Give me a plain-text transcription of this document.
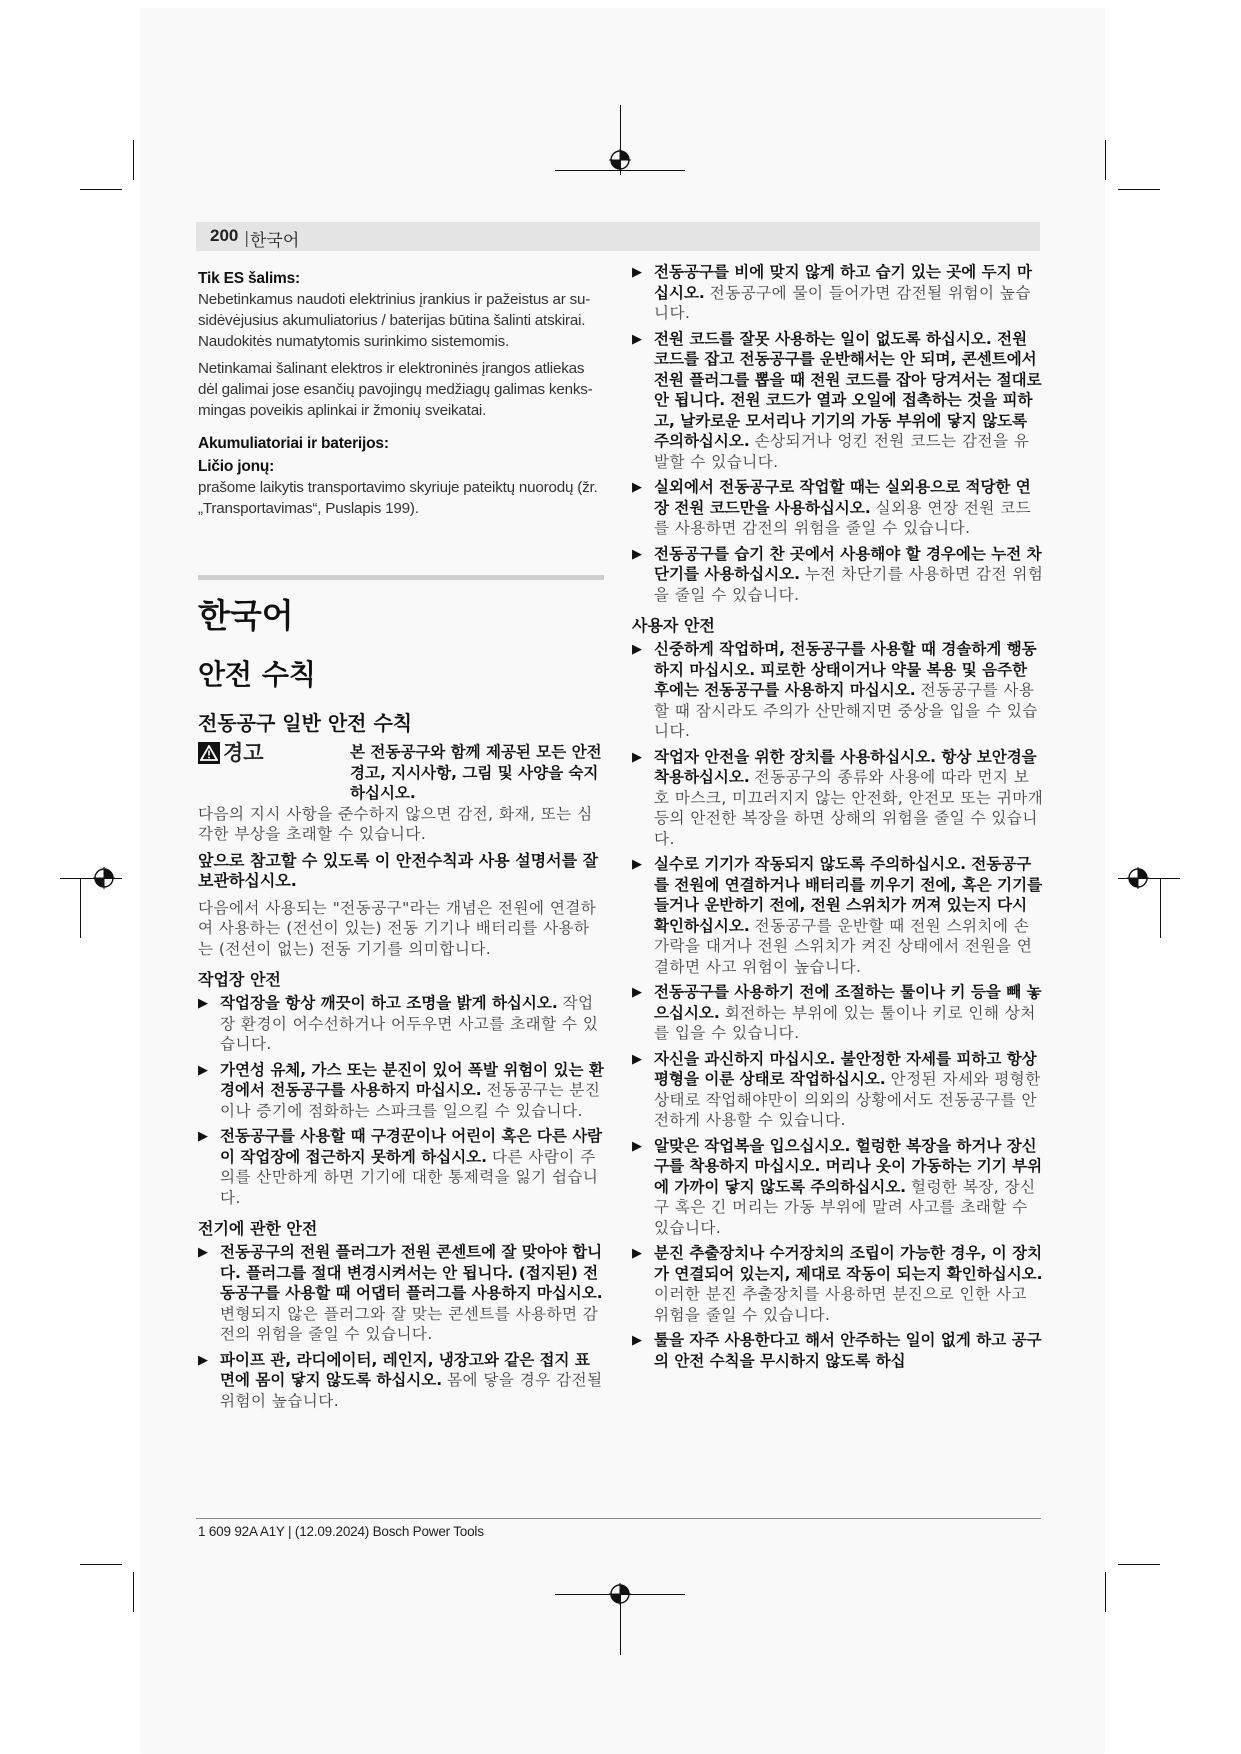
200 | 한국어
Tik ES šalims:

Nebetinkamus naudoti elektrinius įrankius ir pažeistus ar susidėvėjusius akumuliatorius / baterijas būtina šalinti atskirai. Naudokitės numatytomis surinkimo sistemomis.

Netinkamai šalinant elektros ir elektroninės įrangos atliekas dėl galimai jose esančių pavojingų medžiagų galimas kenksmingas poveikis aplinkai ir žmonių sveikatai.

Akumuliatoriai ir baterijos:
Ličio jonų:

prašome laikytis transportavimo skyriuje pateiktų nuorodų (žr. „Transportavimas“, Puslapis 199).

한국어
안전 수칙
전동공구 일반 안전 수칙
경고	본 전동공구와 함께 제공된 모든 안전경고, 지시사항, 그림 및 사양을 숙지하십시오.

다음의 지시 사항을 준수하지 않으면 감전, 화재, 또는 심각한 부상을 초래할 수 있습니다.

앞으로 참고할 수 있도록 이 안전수칙과 사용 설명서를 잘 보관하십시오.

다음에서 사용되는 "전동공구"라는 개념은 전원에 연결하여 사용하는 (전선이 있는) 전동 기기나 배터리를 사용하는 (전선이 없는) 전동 기기를 의미합니다.

작업장 안전
▶ 작업장을 항상 깨끗이 하고 조명을 밝게 하십시오. 작업장 환경이 어수선하거나 어두우면 사고를 초래할 수 있습니다.
▶ 가연성 유체, 가스 또는 분진이 있어 폭발 위험이 있는 환경에서 전동공구를 사용하지 마십시오. 전동공구는 분진이나 증기에 점화하는 스파크를 일으킬 수 있습니다.
▶ 전동공구를 사용할 때 구경꾼이나 어린이 혹은 다른 사람이 작업장에 접근하지 못하게 하십시오. 다른 사람이 주의를 산만하게 하면 기기에 대한 통제력을 잃기 쉽습니다.
전기에 관한 안전
▶ 전동공구의 전원 플러그가 전원 콘센트에 잘 맞아야 합니다. 플러그를 절대 변경시켜서는 안 됩니다. (접지된) 전동공구를 사용할 때 어댑터 플러그를 사용하지 마십시오. 변형되지 않은 플러그와 잘 맞는 콘센트를 사용하면 감전의 위험을 줄일 수 있습니다.
▶ 파이프 관, 라디에이터, 레인지, 냉장고와 같은 접지 표면에 몸이 닿지 않도록 하십시오. 몸에 닿을 경우 감전될 위험이 높습니다.
▶ 전동공구를 비에 맞지 않게 하고 습기 있는 곳에 두지 마십시오. 전동공구에 물이 들어가면 감전될 위험이 높습니다.
▶ 전원 코드를 잘못 사용하는 일이 없도록 하십시오. 전원 코드를 잡고 전동공구를 운반해서는 안 되며, 콘센트에서 전원 플러그를 뽑을 때 전원 코드를 잡아 당겨서는 절대로 안 됩니다. 전원 코드가 열과 오일에 접촉하는 것을 피하고, 날카로운 모서리나 기기의 가동 부위에 닿지 않도록 주의하십시오. 손상되거나 엉킨 전원 코드는 감전을 유발할 수 있습니다.
▶ 실외에서 전동공구로 작업할 때는 실외용으로 적당한 연장 전원 코드만을 사용하십시오. 실외용 연장 전원 코드를 사용하면 감전의 위험을 줄일 수 있습니다.
▶ 전동공구를 습기 찬 곳에서 사용해야 할 경우에는 누전 차단기를 사용하십시오. 누전 차단기를 사용하면 감전 위험을 줄일 수 있습니다.
사용자 안전
▶ 신중하게 작업하며, 전동공구를 사용할 때 경솔하게 행동하지 마십시오. 피로한 상태이거나 약물 복용 및 음주한 후에는 전동공구를 사용하지 마십시오. 전동공구를 사용할 때 잠시라도 주의가 산만해지면 중상을 입을 수 있습니다.
▶ 작업자 안전을 위한 장치를 사용하십시오. 항상 보안경을 착용하십시오. 전동공구의 종류와 사용에 따라 먼지 보호 마스크, 미끄러지지 않는 안전화, 안전모 또는 귀마개 등의 안전한 복장을 하면 상해의 위험을 줄일 수 있습니다.
▶ 실수로 기기가 작동되지 않도록 주의하십시오. 전동공구를 전원에 연결하거나 배터리를 끼우기 전에, 혹은 기기를 들거나 운반하기 전에, 전원 스위치가 꺼져 있는지 다시 확인하십시오. 전동공구를 운반할 때 전원 스위치에 손가락을 대거나 전원 스위치가 켜진 상태에서 전원을 연결하면 사고 위험이 높습니다.
▶ 전동공구를 사용하기 전에 조절하는 툴이나 키 등을 빼 놓으십시오. 회전하는 부위에 있는 툴이나 키로 인해 상처를 입을 수 있습니다.
▶ 자신을 과신하지 마십시오. 불안정한 자세를 피하고 항상 평형을 이룬 상태로 작업하십시오. 안정된 자세와 평형한 상태로 작업해야만이 의외의 상황에서도 전동공구를 안전하게 사용할 수 있습니다.
▶ 알맞은 작업복을 입으십시오. 헐렁한 복장을 하거나 장신구를 착용하지 마십시오. 머리나 옷이 가동하는 기기 부위에 가까이 닿지 않도록 주의하십시오. 헐렁한 복장, 장신구 혹은 긴 머리는 가동 부위에 말려 사고를 초래할 수 있습니다.
▶ 분진 추출장치나 수거장치의 조립이 가능한 경우, 이 장치가 연결되어 있는지, 제대로 작동이 되는지 확인하십시오. 이러한 분진 추출장치를 사용하면 분진으로 인한 사고 위험을 줄일 수 있습니다.
▶ 툴을 자주 사용한다고 해서 안주하는 일이 없게 하고 공구의 안전 수칙을 무시하지 않도록 하십
1 609 92A A1Y | (12.09.2024) Bosch Power Tools
